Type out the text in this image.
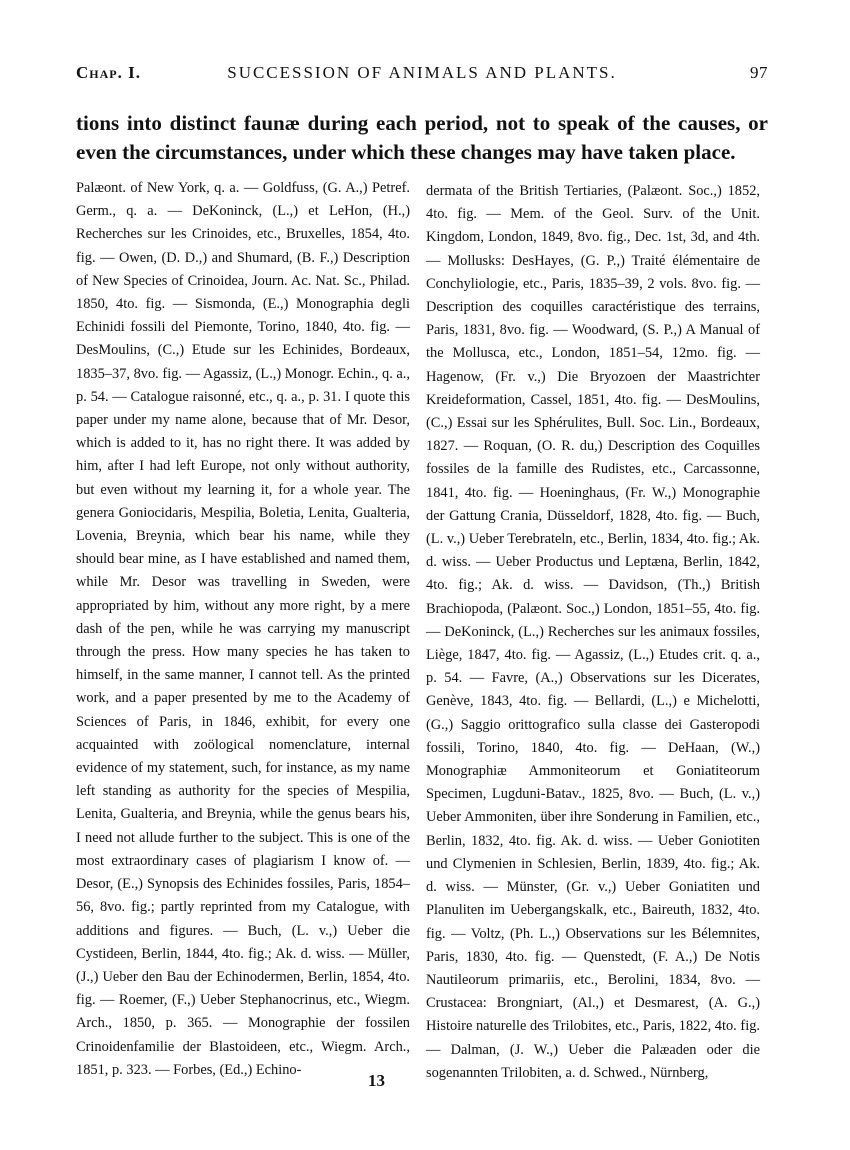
Chap. I.	SUCCESSION OF ANIMALS AND PLANTS.	97
tions into distinct faunæ during each period, not to speak of the causes, or even the circumstances, under which these changes may have taken place.

Palæont. of New York, q. a. — Goldfuss, (G. A.,) Petref. Germ., q. a. — DeKoninck, (L.,) et LeHon, (H.,) Recherches sur les Crinoides, etc., Bruxelles, 1854, 4to. fig. — Owen, (D. D.,) and Shumard, (B. F.,) Description of New Species of Crinoidea, Journ. Ac. Nat. Sc., Philad. 1850, 4to. fig. — Sismonda, (E.,) Monographia degli Echinidi fossili del Piemonte, Torino, 1840, 4to. fig. — DesMoulins, (C.,) Etude sur les Echinides, Bordeaux, 1835–37, 8vo. fig. — Agassiz, (L.,) Monogr. Echin., q. a., p. 54. — Catalogue raisonné, etc., q. a., p. 31. I quote this paper under my name alone, because that of Mr. Desor, which is added to it, has no right there. It was added by him, after I had left Europe, not only without authority, but even without my learning it, for a whole year. The genera Goniocidaris, Mespilia, Boletia, Lenita, Gualteria, Lovenia, Breynia, which bear his name, while they should bear mine, as I have established and named them, while Mr. Desor was travelling in Sweden, were appropriated by him, without any more right, by a mere dash of the pen, while he was carrying my manuscript through the press. How many species he has taken to himself, in the same manner, I cannot tell. As the printed work, and a paper presented by me to the Academy of Sciences of Paris, in 1846, exhibit, for every one acquainted with zoölogical nomenclature, internal evidence of my statement, such, for instance, as my name left standing as authority for the species of Mespilia, Lenita, Gualteria, and Breynia, while the genus bears his, I need not allude further to the subject. This is one of the most extraordinary cases of plagiarism I know of. — Desor, (E.,) Synopsis des Echinides fossiles, Paris, 1854–56, 8vo. fig.; partly reprinted from my Catalogue, with additions and figures. — Buch, (L. v.,) Ueber die Cystideen, Berlin, 1844, 4to. fig.; Ak. d. wiss. — Müller, (J.,) Ueber den Bau der Echinodermen, Berlin, 1854, 4to. fig. — Roemer, (F.,) Ueber Stephanocrinus, etc., Wiegm. Arch., 1850, p. 365. — Monographie der fossilen Crinoidenfamilie der Blastoideen, etc., Wiegm. Arch., 1851, p. 323. — Forbes, (Ed.,) Echino-

dermata of the British Tertiaries, (Palæont. Soc.,) 1852, 4to. fig. — Mem. of the Geol. Surv. of the Unit. Kingdom, London, 1849, 8vo. fig., Dec. 1st, 3d, and 4th. — Mollusks: DesHayes, (G. P.,) Traité élémentaire de Conchyliologie, etc., Paris, 1835–39, 2 vols. 8vo. fig. — Description des coquilles caractéristique des terrains, Paris, 1831, 8vo. fig. — Woodward, (S. P.,) A Manual of the Mollusca, etc., London, 1851–54, 12mo. fig. — Hagenow, (Fr. v.,) Die Bryozoen der Maastrichter Kreideformation, Cassel, 1851, 4to. fig. — DesMoulins, (C.,) Essai sur les Sphérulites, Bull. Soc. Lin., Bordeaux, 1827. — Roquan, (O. R. du,) Description des Coquilles fossiles de la famille des Rudistes, etc., Carcassonne, 1841, 4to. fig. — Hoeninghaus, (Fr. W.,) Monographie der Gattung Crania, Düsseldorf, 1828, 4to. fig. — Buch, (L. v.,) Ueber Terebrateln, etc., Berlin, 1834, 4to. fig.; Ak. d. wiss. — Ueber Productus und Leptæna, Berlin, 1842, 4to. fig.; Ak. d. wiss. — Davidson, (Th.,) British Brachiopoda, (Palæont. Soc.,) London, 1851–55, 4to. fig. — DeKoninck, (L.,) Recherches sur les animaux fossiles, Liège, 1847, 4to. fig. — Agassiz, (L.,) Etudes crit. q. a., p. 54. — Favre, (A.,) Observations sur les Dicerates, Genève, 1843, 4to. fig. — Bellardi, (L.,) e Michelotti, (G.,) Saggio orittografico sulla classe dei Gasteropodi fossili, Torino, 1840, 4to. fig. — DeHaan, (W.,) Monographiæ Ammoniteorum et Goniatiteorum Specimen, Lugduni-Batav., 1825, 8vo. — Buch, (L. v.,) Ueber Ammoniten, über ihre Sonderung in Familien, etc., Berlin, 1832, 4to. fig. Ak. d. wiss. — Ueber Goniotiten und Clymenien in Schlesien, Berlin, 1839, 4to. fig.; Ak. d. wiss. — Münster, (Gr. v.,) Ueber Goniatiten und Planuliten im Uebergangskalk, etc., Baireuth, 1832, 4to. fig. — Voltz, (Ph. L.,) Observations sur les Bélemnites, Paris, 1830, 4to. fig. — Quenstedt, (F. A.,) De Notis Nautileorum primariis, etc., Berolini, 1834, 8vo. — Crustacea: Brongniart, (Al.,) et Desmarest, (A. G.,) Histoire naturelle des Trilobites, etc., Paris, 1822, 4to. fig. — Dalman, (J. W.,) Ueber die Palæaden oder die sogenannten Trilobiten, a. d. Schwed., Nürnberg,

13
